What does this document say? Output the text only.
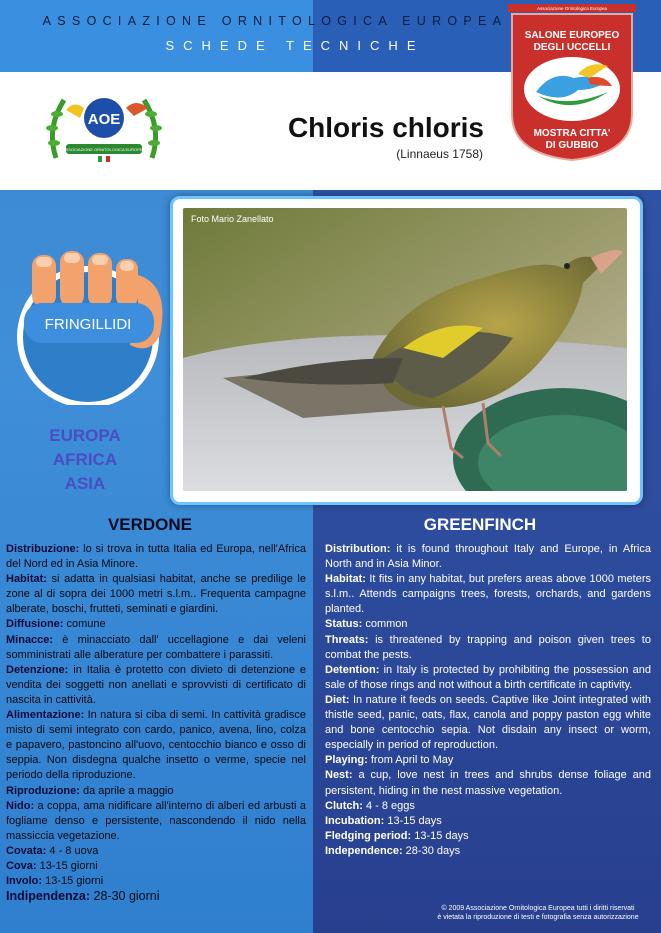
ASSOCIAZIONE ORNITOLOGICA EUROPEA
SCHEDE TECNICHE
AOE
ASSOCIAZIONE ORNITOLOGICA EUROPEA
Chloris chloris
(Linnaeus 1758)
Associazione Ornitologica Europea
SALONE EUROPEO
DEGLI UCCELLI
MOSTRA CITTA'
DI GUBBIO
Foto Mario Zanellato
FRINGILLIDI
EUROPA
AFRICA
ASIA
VERDONE	GREENFINCH

Distribuzione: lo si trova in tutta Italia ed Europa, nell'Africa del Nord ed in Asia Minore.

Habitat: si adatta in qualsiasi habitat, anche se predilige le zone al di sopra dei 1000 metri s.l.m.. Frequenta campagne alberate, boschi, frutteti, seminati e giardini.

Diffusione: comune

Minacce: è minacciato dall' uccellagione e dai veleni somministrati alle alberature per combattere i parassiti.

Detenzione: in Italia è protetto con divieto di detenzione e vendita dei soggetti non anellati e sprovvisti di certificato di nascita in cattività.

Alimentazione: In natura si ciba di semi. In cattività gradisce misto di semi integrato con cardo, panico, avena, lino, colza e papavero, pastoncino all'uovo, centocchio bianco e osso di seppia. Non disdegna qualche insetto o verme, specie nel periodo della riproduzione.

Riproduzione: da aprile a maggio

Nido: a coppa, ama nidificare all'interno di alberi ed arbusti a fogliame denso e persistente, nascondendo il nido nella massiccia vegetazione.

Covata: 4 - 8 uova

Cova: 13-15 giorni

Involo: 13-15 giorni

Indipendenza: 28-30 giorni

Distribution: it is found throughout Italy and Europe, in Africa North and in Asia Minor.

Habitat: It fits in any habitat, but prefers areas above 1000 meters s.l.m.. Attends campaigns trees, forests, orchards, and gardens planted.

Status: common

Threats: is threatened by trapping and poison given trees to combat the pests.

Detention: in Italy is protected by prohibiting the possession and sale of those rings and not without a birth certificate in captivity.

Diet: In nature it feeds on seeds. Captive like Joint integrated with thistle seed, panic, oats, flax, canola and poppy paston egg white and bone centocchio sepia. Not disdain any insect or worm, especially in period of reproduction.

Playing: from April to May

Nest: a cup, love nest in trees and shrubs dense foliage and persistent, hiding in the nest massive vegetation.

Clutch: 4 - 8 eggs

Incubation: 13-15 days

Fledging period: 13-15 days

Independence: 28-30 days

© 2009 Associazione Ornitologica Europea tutti i diritti riservati
è vietata la riproduzione di testi e fotografia senza autorizzazione
